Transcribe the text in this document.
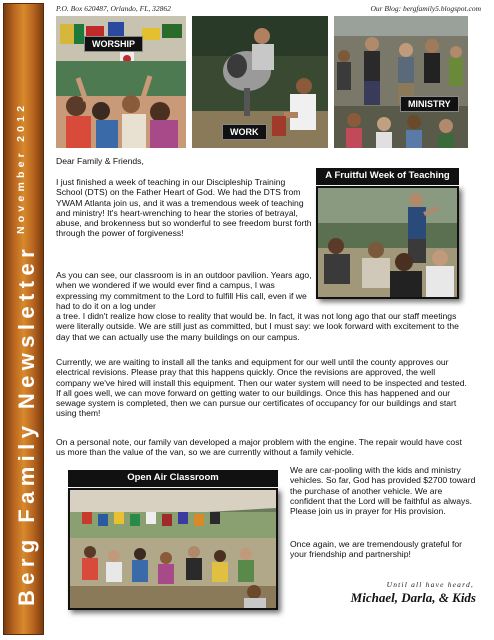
November 2012
Berg Family Newsletter
P.O. Box 620487, Orlando, FL, 32862	Our Blog: bergfamily5.blogspot.com
WORSHIP
WORK
MINISTRY
A Fruitful Week of Teaching
Dear Family & Friends,

I just finished a week of teaching in our Discipleship Training School (DTS) on the Father Heart of God. We had the DTS from YWAM Atlanta join us, and it was a tremendous week of teaching and ministry! It's heart-wrenching to hear the stories of betrayal, abuse, and brokenness but so wonderful to see freedom burst forth through the power of forgiveness!

As you can see, our classroom is in an outdoor pavilion. Years ago, when we wondered if we would ever find a campus, I was expressing my commitment to the Lord to fulfill His call, even if we had to do it on a log under

a tree. I didn't realize how close to reality that would be. In fact, it was not long ago that our staff meetings were literally outside. We are still just as committed, but I must say: we look forward with excitement to the day that we can actually use the many buildings on our campus.

Currently, we are waiting to install all the tanks and equipment for our well until the county approves our electrical revisions. Please pray that this happens quickly. Once the revisions are approved, the well company we've hired will install this equipment. Then our water system will need to be inspected and tested. If all goes well, we can move forward on getting water to our buildings. Once this has happened and our sewage system is completed, then we can pursue our certificates of occupancy for our buildings and start using them!

On a personal note, our family van developed a major problem with the engine. The repair would have cost us more than the value of the van, so we are currently without a family vehicle.

Open Air Classroom

We are car-pooling with the kids and ministry vehicles. So far, God has provided $2700 toward the purchase of another vehicle. We are confident that the Lord will be faithful as always. Please join us in prayer for His provision.

Once again, we are tremendously grateful for your friendship and partnership!

Until all have heard,
Michael, Darla, & Kids
